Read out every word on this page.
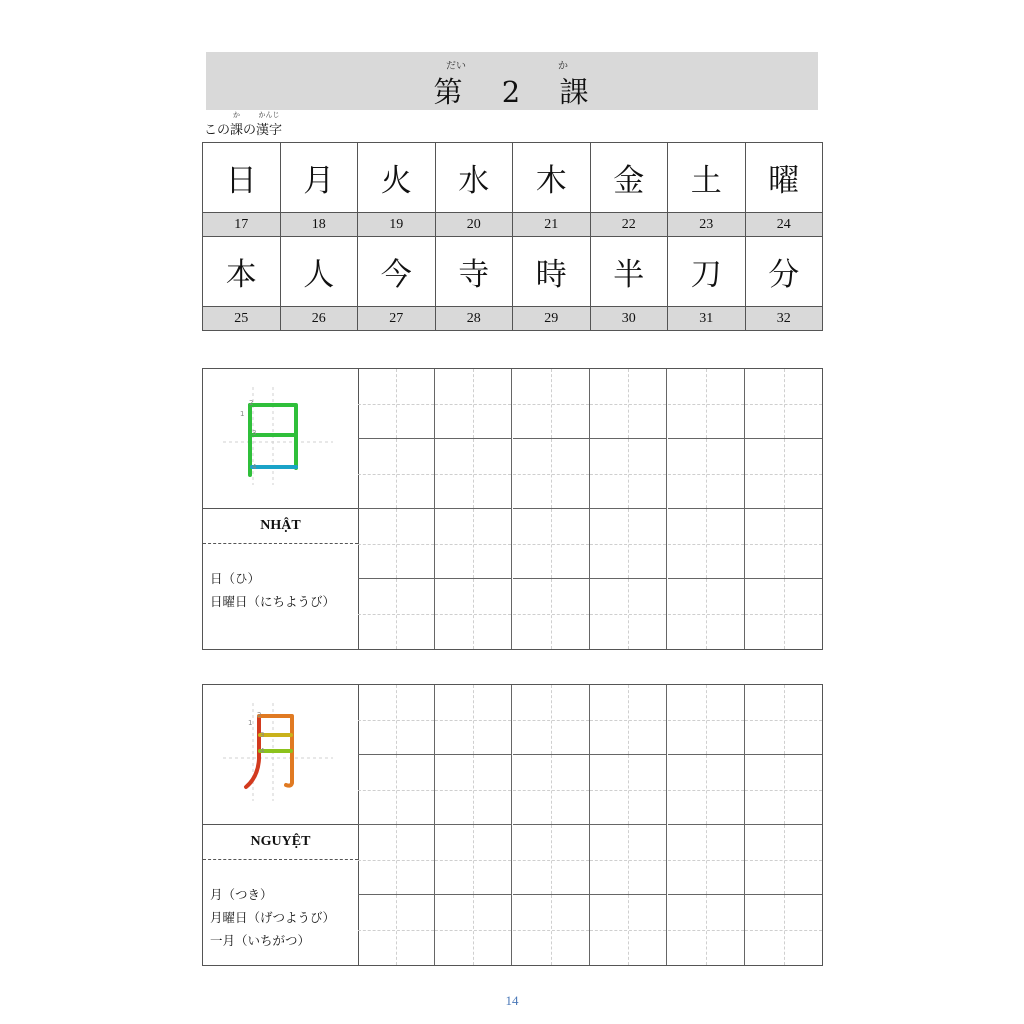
だい	か
第 2 課
この
か
課の
かんじ
漢字
日	月	火	水	木	金	土	曜
17	18	19	20	21	22	23	24
本	人	今	寺	時	半	刀	分
25	26	27	28	29	30	31	32
1
2
3
4
NHẬT
日（ひ）
日曜日（にちようび）
1
2
3
4
NGUYỆT
月（つき）
月曜日（げつようび）
一月（いちがつ）
14
